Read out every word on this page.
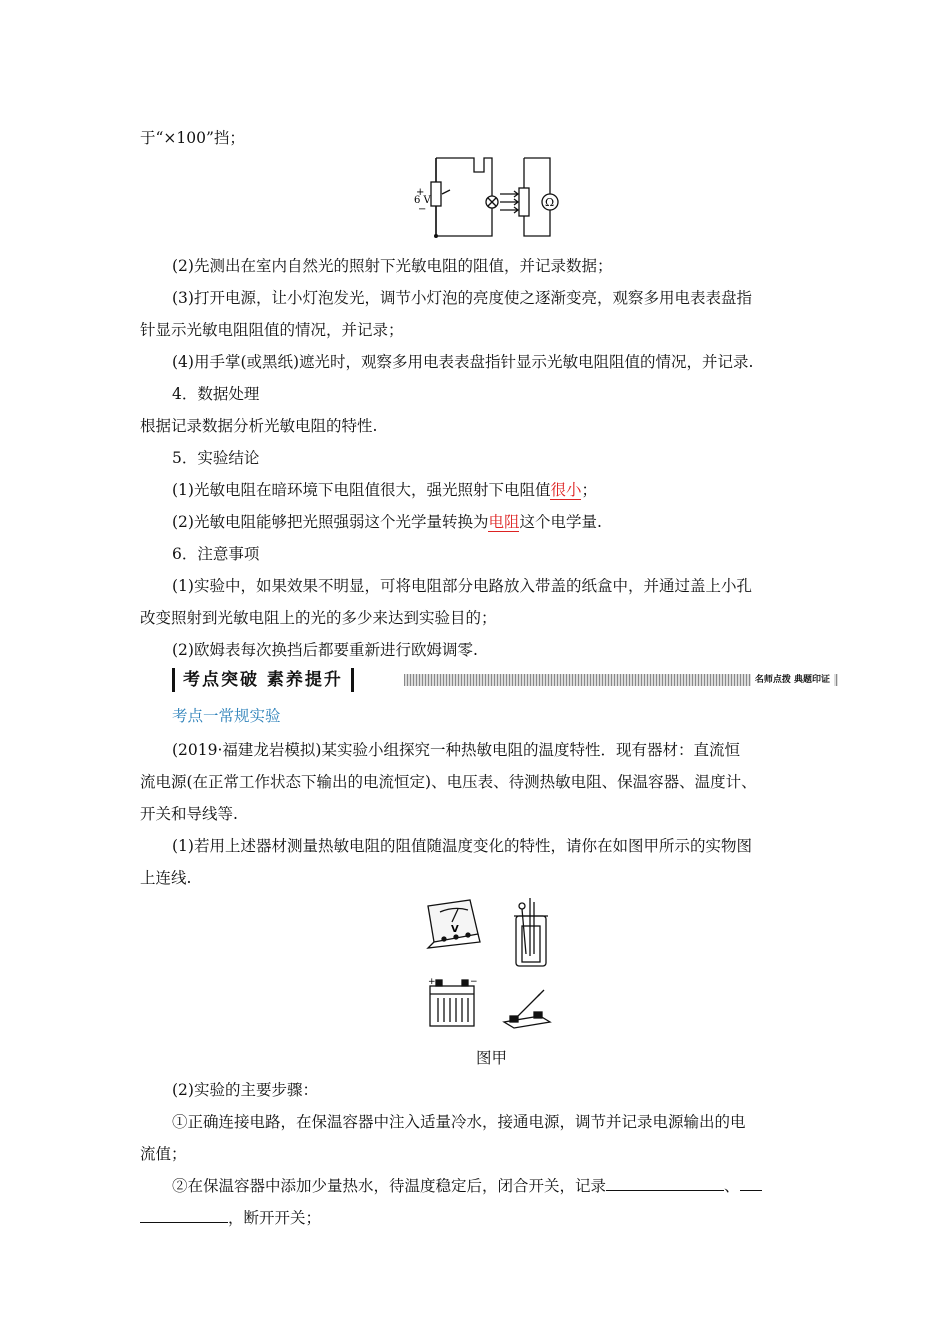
于“×100”挡；
+
6 V
−
Ω
(2)先测出在室内自然光的照射下光敏电阻的阻值，并记录数据；
(3)打开电源，让小灯泡发光，调节小灯泡的亮度使之逐渐变亮，观察多用电表表盘指
针显示光敏电阻阻值的情况，并记录；
(4)用手掌(或黑纸)遮光时，观察多用电表表盘指针显示光敏电阻阻值的情况，并记录.
4．数据处理
根据记录数据分析光敏电阻的特性.
5．实验结论
(1)光敏电阻在暗环境下电阻值很大，强光照射下电阻值很小；
(2)光敏电阻能够把光照强弱这个光学量转换为电阻这个电学量.
6．注意事项
(1)实验中，如果效果不明显，可将电阻部分电路放入带盖的纸盒中，并通过盖上小孔
改变照射到光敏电阻上的光的多少来达到实验目的；
(2)欧姆表每次换挡后都要重新进行欧姆调零.
考点突破 素养提升	名师点拨 典题印证
考点一常规实验
(2019·福建龙岩模拟)某实验小组探究一种热敏电阻的温度特性．现有器材：直流恒
流电源(在正常工作状态下输出的电流恒定)、电压表、待测热敏电阻、保温容器、温度计、
开关和导线等.
(1)若用上述器材测量热敏电阻的阻值随温度变化的特性，请你在如图甲所示的实物图
上连线.
V
+	−
图甲
(2)实验的主要步骤：
①正确连接电路，在保温容器中注入适量冷水，接通电源，调节并记录电源输出的电
流值；
②在保温容器中添加少量热水，待温度稳定后，闭合开关，记录	、
，断开开关；
